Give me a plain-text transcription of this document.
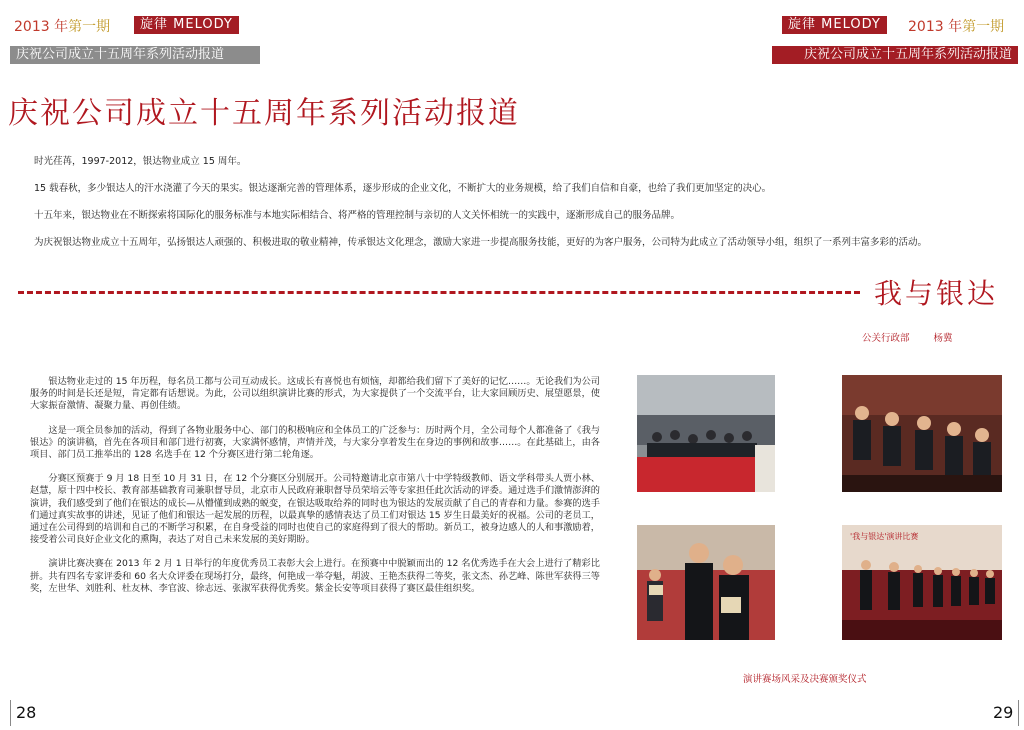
2013 年第一期	旋律 MELODY
庆祝公司成立十五周年系列活动报道
旋律 MELODY	2013 年第一期
庆祝公司成立十五周年系列活动报道
庆祝公司成立十五周年系列活动报道

时光荏苒，1997-2012，银达物业成立 15 周年。

15 载春秋，多少银达人的汗水浇灌了今天的果实。银达逐渐完善的管理体系，逐步形成的企业文化，不断扩大的业务规模，给了我们自信和自豪，也给了我们更加坚定的决心。

十五年来，银达物业在不断探索将国际化的服务标准与本地实际相结合、将严格的管理控制与亲切的人文关怀相统一的实践中，逐渐形成自己的服务品牌。

为庆祝银达物业成立十五周年，弘扬银达人顽强的、积极进取的敬业精神，传承银达文化理念，激励大家进一步提高服务技能，更好的为客户服务，公司特为此成立了活动领导小组，组织了一系列丰富多彩的活动。

我与银达
公关行政部	杨冀

银达物业走过的 15 年历程，每名员工都与公司互动成长。这成长有喜悦也有烦恼，却都给我们留下了美好的记忆……。无论我们为公司服务的时间是长还是短，肯定都有话想说。为此，公司以组织演讲比赛的形式，为大家提供了一个交流平台，让大家回顾历史、展望愿景，使大家振奋激情、凝聚力量、再创佳绩。

这是一项全员参加的活动，得到了各物业服务中心、部门的积极响应和全体员工的广泛参与：历时两个月，全公司每个人都准备了《我与银达》的演讲稿，首先在各项目和部门进行初赛，大家满怀感情，声情并茂，与大家分享着发生在身边的事例和故事……。在此基础上，由各项目、部门员工推举出的 128 名选手在 12 个分赛区进行第二轮角逐。

分赛区预赛于 9 月 18 日至 10 月 31 日，在 12 个分赛区分别展开。公司特邀请北京市第八十中学特级教师、语文学科带头人贾小林、赵慧，原十四中校长、教育部基础教育司兼职督导员，北京市人民政府兼职督导员荣培云等专家担任此次活动的评委。通过选手们激情澎湃的演讲，我们感受到了他们在银达的成长—从懵懂到成熟的蜕变，在银达吸取给养的同时也为银达的发展贡献了自己的青春和力量。参赛的选手们通过真实故事的讲述，见证了他们和银达一起发展的历程，以最真挚的感情表达了员工们对银达 15 岁生日最美好的祝福。公司的老员工，通过在公司得到的培训和自己的不断学习积累，在自身受益的同时也使自己的家庭得到了很大的帮助。新员工，被身边感人的人和事激励着，接受着公司良好企业文化的熏陶，表达了对自己未来发展的美好期盼。

演讲比赛决赛在 2013 年 2 月 1 日举行的年度优秀员工表彰大会上进行。在预赛中中脱颖而出的 12 名优秀选手在大会上进行了精彩比拼。共有四名专家评委和 60 名大众评委在现场打分，最终，何艳成一举夺魁，胡波、王艳杰获得二等奖，张文杰、孙艺峰、陈世军获得三等奖，左世华、刘胜利、杜友林、李官波、徐志远、张淑军获得优秀奖。紫金长安等项目获得了赛区最佳组织奖。

'我与银达'演讲比赛
演讲赛场风采及决赛颁奖仪式
28	29
